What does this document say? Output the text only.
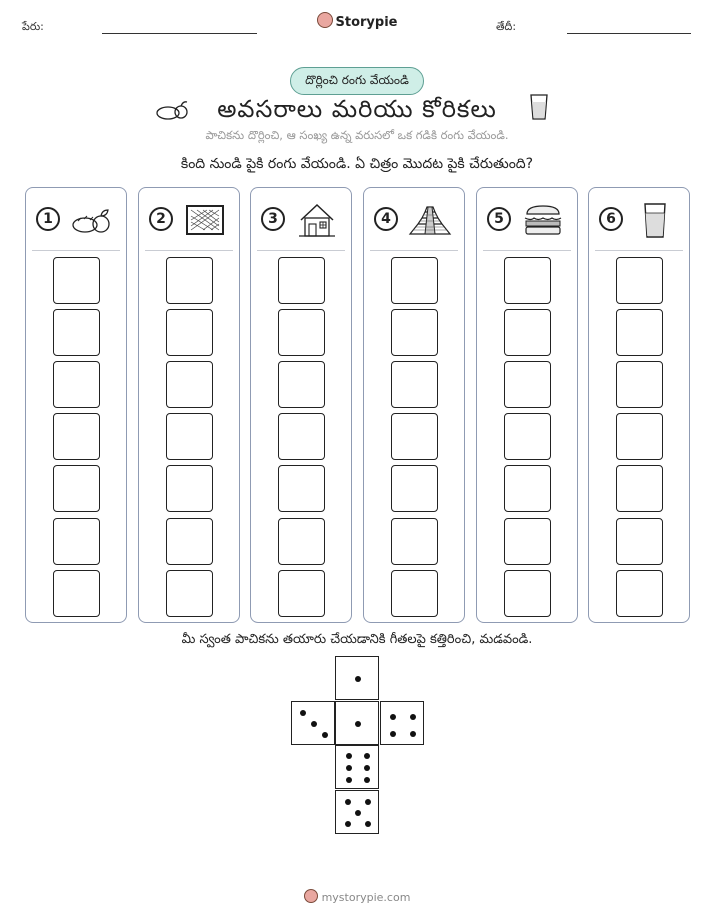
పేరు:	Storypie	తేదీ:
దొర్లించి రంగు వేయండి
అవసరాలు మరియు కోరికలు
పాచికను దొర్లించి, ఆ సంఖ్య ఉన్న వరుసలో ఒక గడికి రంగు వేయండి.
కింది నుండి పైకి రంగు వేయండి. ఏ చిత్రం మొదట పైకి చేరుతుంది?
1	2	3	4	5	6
మీ స్వంత పాచికను తయారు చేయడానికి గీతలపై కత్తిరించి, మడవండి.
mystorypie.com
